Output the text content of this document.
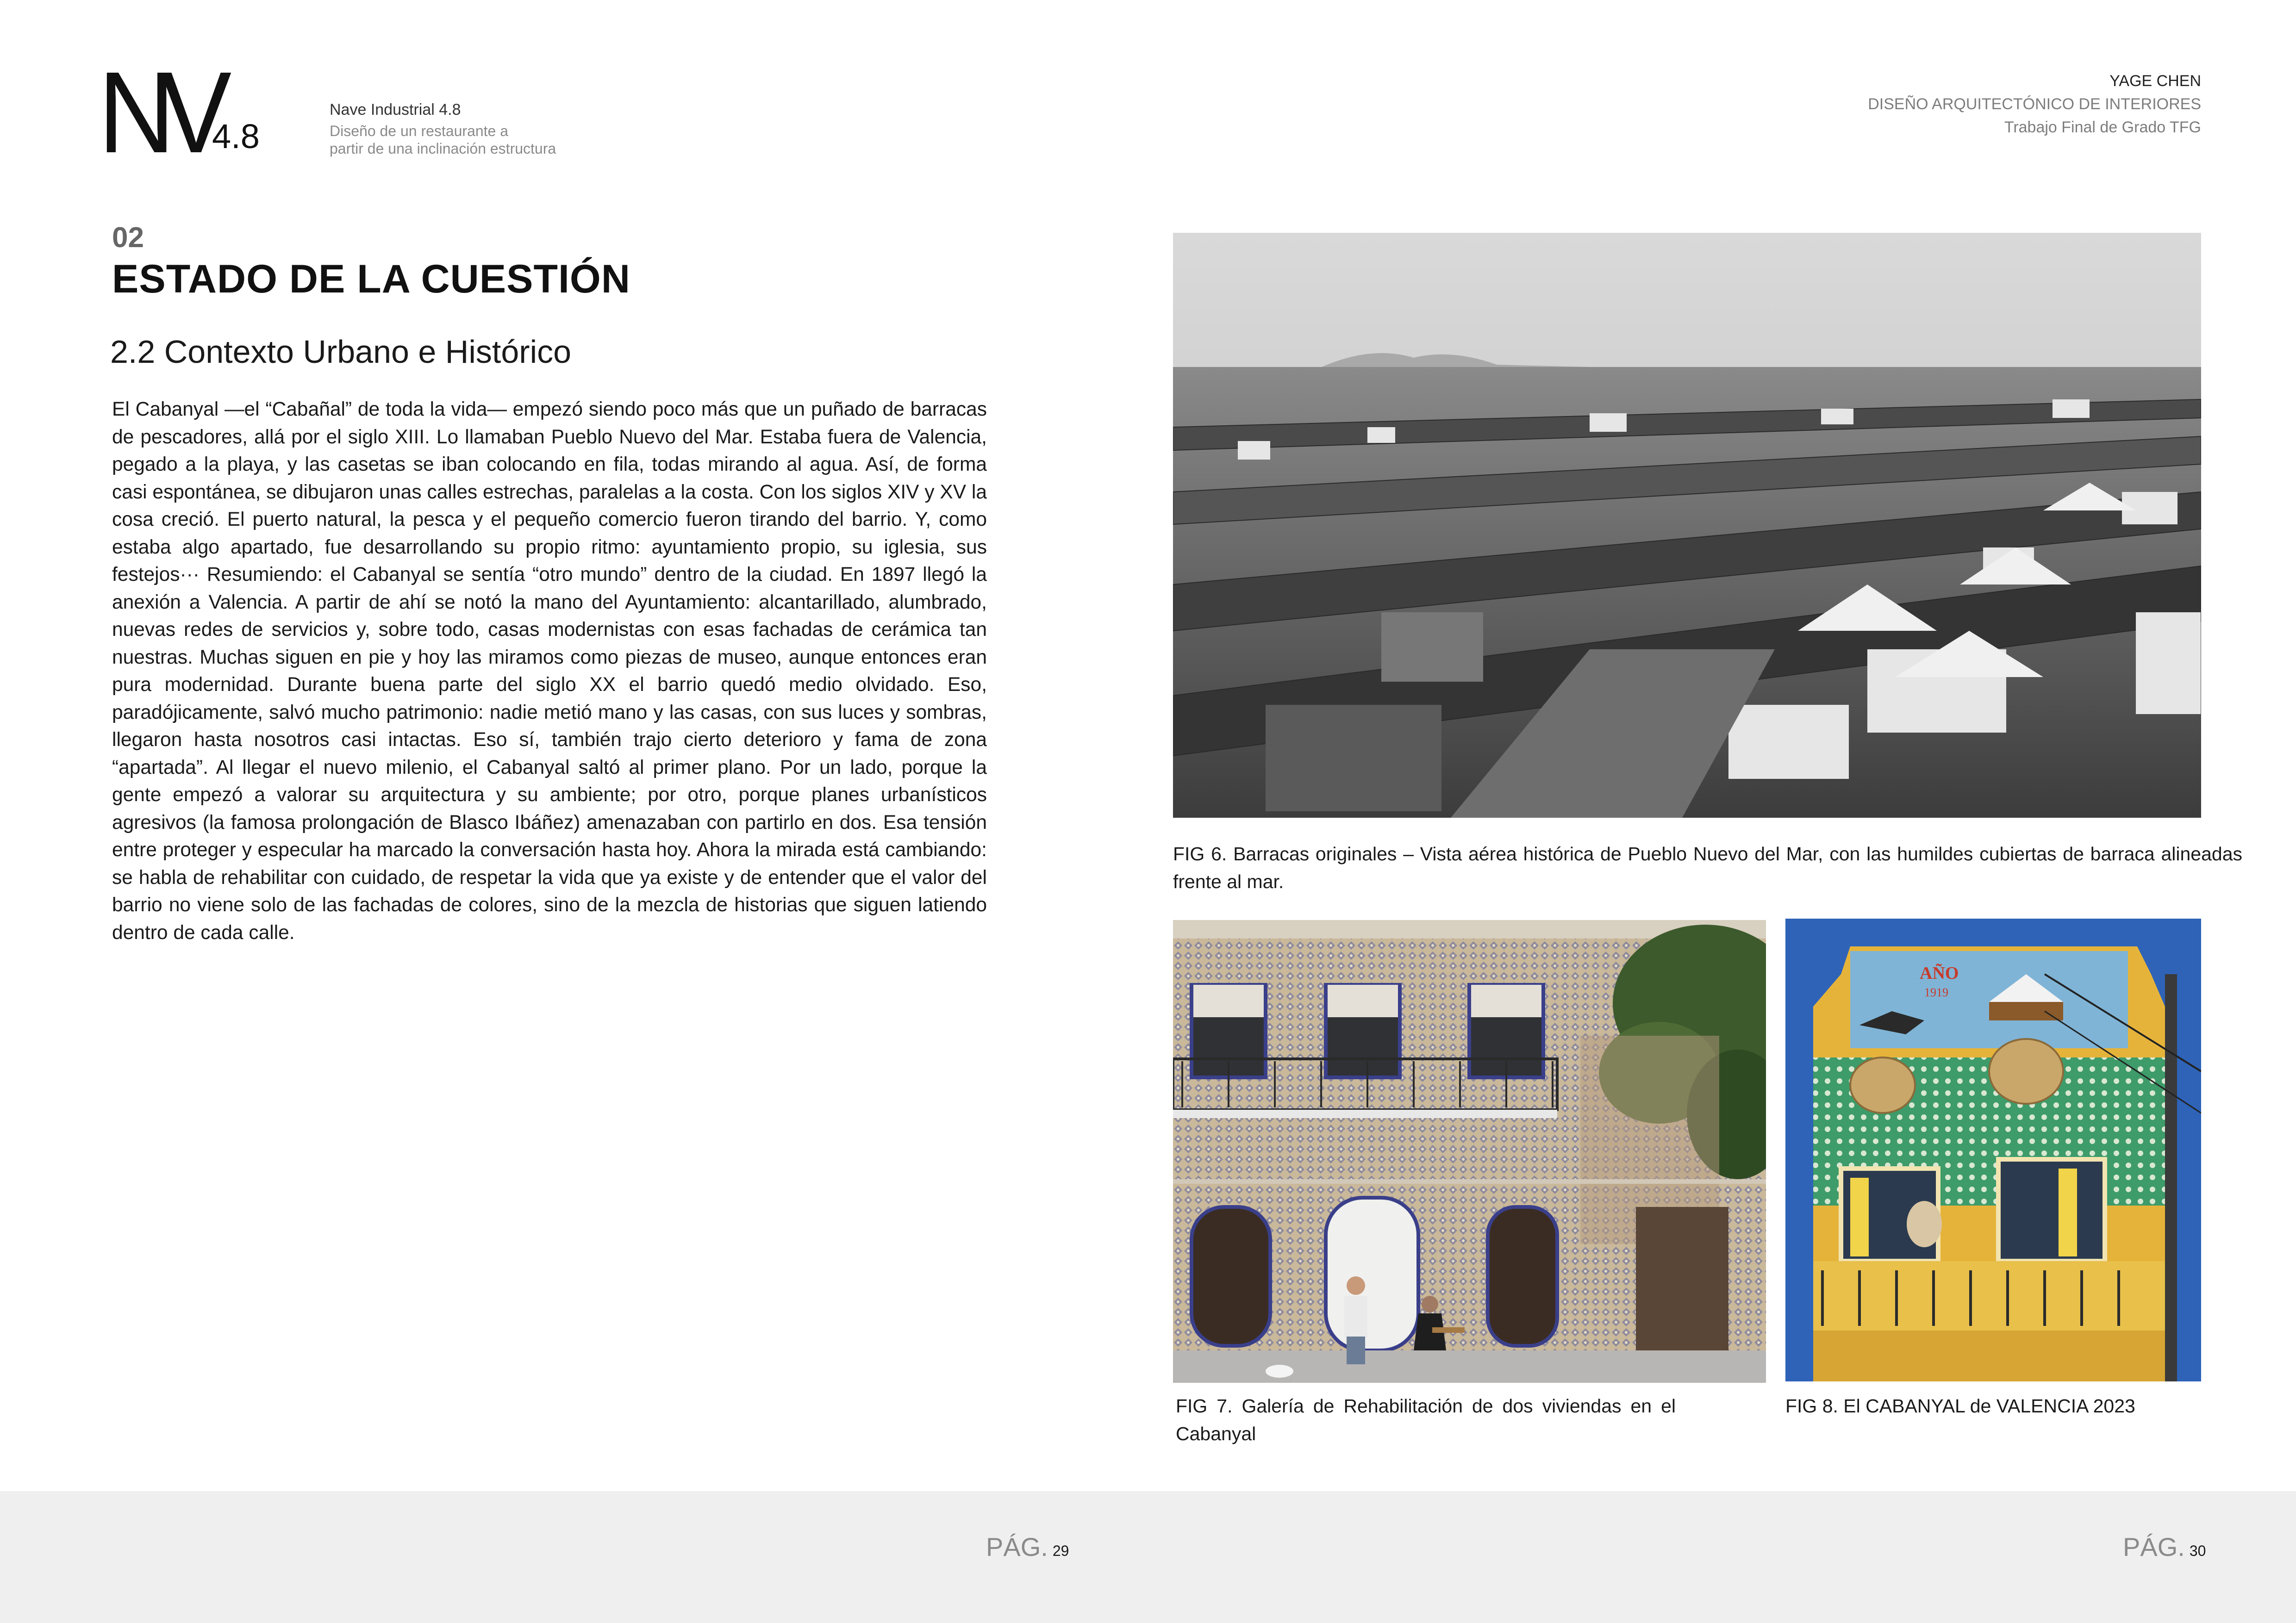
NV
4.8
Nave Industrial 4.8
Diseño de un restaurante a
partir de una inclinación estructura
YAGE CHEN
DISEÑO ARQUITECTÓNICO DE INTERIORES
Trabajo Final de Grado TFG
02
ESTADO DE LA CUESTIÓN
2.2 Contexto Urbano e Histórico
El Cabanyal —el “Cabañal” de toda la vida— empezó siendo poco más que un puñado de barracas de pescadores, allá por el siglo XIII. Lo llamaban Pueblo Nuevo del Mar. Estaba fuera de Valencia, pegado a la playa, y las casetas se iban colocando en fila, todas mirando al agua. Así, de forma casi espontánea, se dibujaron unas calles estrechas, paralelas a la costa. Con los siglos XIV y XV la cosa creció. El puerto natural, la pesca y el pequeño comercio fueron tirando del barrio. Y, como estaba algo apartado, fue desarrollando su propio ritmo: ayuntamiento propio, su iglesia, sus festejos··· Resumiendo: el Cabanyal se sentía “otro mundo” dentro de la ciudad. En 1897 llegó la anexión a Valencia. A partir de ahí se notó la mano del Ayuntamiento: alcantarillado, alumbrado, nuevas redes de servicios y, sobre todo, casas modernistas con esas fachadas de cerámica tan nuestras. Muchas siguen en pie y hoy las miramos como piezas de museo, aunque entonces eran pura modernidad. Durante buena parte del siglo XX el barrio quedó medio olvidado. Eso, paradójicamente, salvó mucho patrimonio: nadie metió mano y las casas, con sus luces y sombras, llegaron hasta nosotros casi intactas. Eso sí, también trajo cierto deterioro y fama de zona “apartada”. Al llegar el nuevo milenio, el Cabanyal saltó al primer plano. Por un lado, porque la gente empezó a valorar su arquitectura y su ambiente; por otro, porque planes urbanísticos agresivos (la famosa prolongación de Blasco Ibáñez) amenazaban con partirlo en dos. Esa tensión entre proteger y especular ha marcado la conversación hasta hoy. Ahora la mirada está cambiando: se habla de rehabilitar con cuidado, de respetar la vida que ya existe y de entender que el valor del barrio no viene solo de las fachadas de colores, sino de la mezcla de historias que siguen latiendo dentro de cada calle.
FIG 6. Barracas originales – Vista aérea histórica de Pueblo Nuevo del Mar, con las humildes cubiertas de barraca alineadas frente al mar.
FIG 7. Galería de Rehabilitación de dos viviendas en el Cabanyal
AÑO
1919
FIG 8. El CABANYAL de VALENCIA 2023
PÁG. 29	PÁG. 30
